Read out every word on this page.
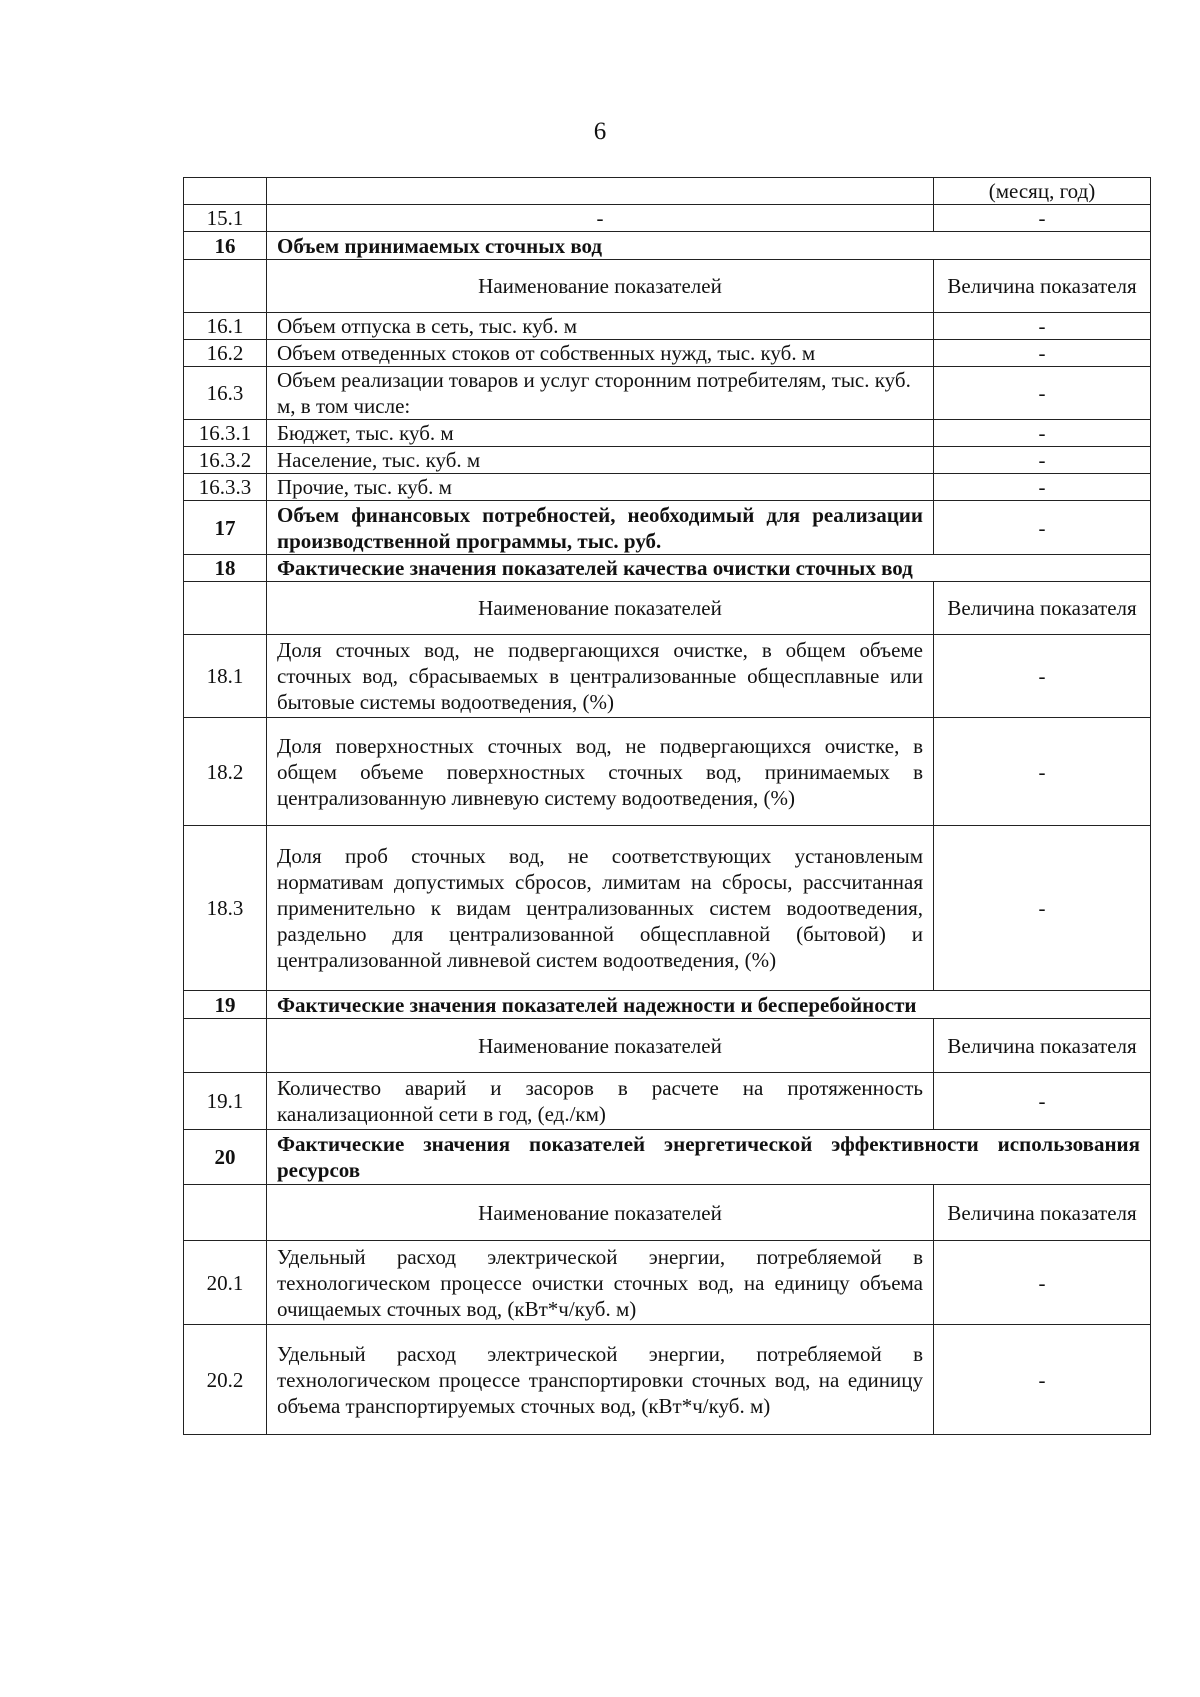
6
		(месяц, год)
15.1	-	-
16	Объем принимаемых сточных вод	
	Наименование показателей	Величина показателя
16.1	Объем отпуска в сеть, тыс. куб. м	-
16.2	Объем отведенных стоков от собственных нужд, тыс. куб. м	-
16.3	Объем реализации товаров и услуг сторонним потребителям, тыс. куб. м, в том числе:	-
16.3.1	Бюджет, тыс. куб. м	-
16.3.2	Население, тыс. куб. м	-
16.3.3	Прочие, тыс. куб. м	-
17	Объем финансовых потребностей, необходимый для реализации производственной программы, тыс. руб.	-
18	Фактические значения показателей качества очистки сточных вод	
	Наименование показателей	Величина показателя
18.1	Доля сточных вод, не подвергающихся очистке, в общем объеме сточных вод, сбрасываемых в централизованные общесплавные или бытовые системы водоотведения, (%)	-
18.2	Доля поверхностных сточных вод, не подвергающихся очистке, в общем объеме поверхностных сточных вод, принимаемых в централизованную ливневую систему водоотведения, (%)	-
18.3	Доля проб сточных вод, не соответствующих установленым нормативам допустимых сбросов, лимитам на сбросы, рассчитанная применительно к видам централизованных систем водоотведения, раздельно для централизованной общесплавной (бытовой) и централизованной ливневой систем водоотведения, (%)	-
19	Фактические значения показателей надежности и бесперебойности	
	Наименование показателей	Величина показателя
19.1	Количество аварий и засоров в расчете на протяженность канализационной сети в год, (ед./км)	-
20	Фактические значения показателей энергетической эффективности использования ресурсов	
	Наименование показателей	Величина показателя
20.1	Удельный расход электрической энергии, потребляемой в технологическом процессе очистки сточных вод, на единицу объема очищаемых сточных вод, (кВт*ч/куб. м)	-
20.2	Удельный расход электрической энергии, потребляемой в технологическом процессе транспортировки сточных вод, на единицу объема транспортируемых сточных вод, (кВт*ч/куб. м)	-
